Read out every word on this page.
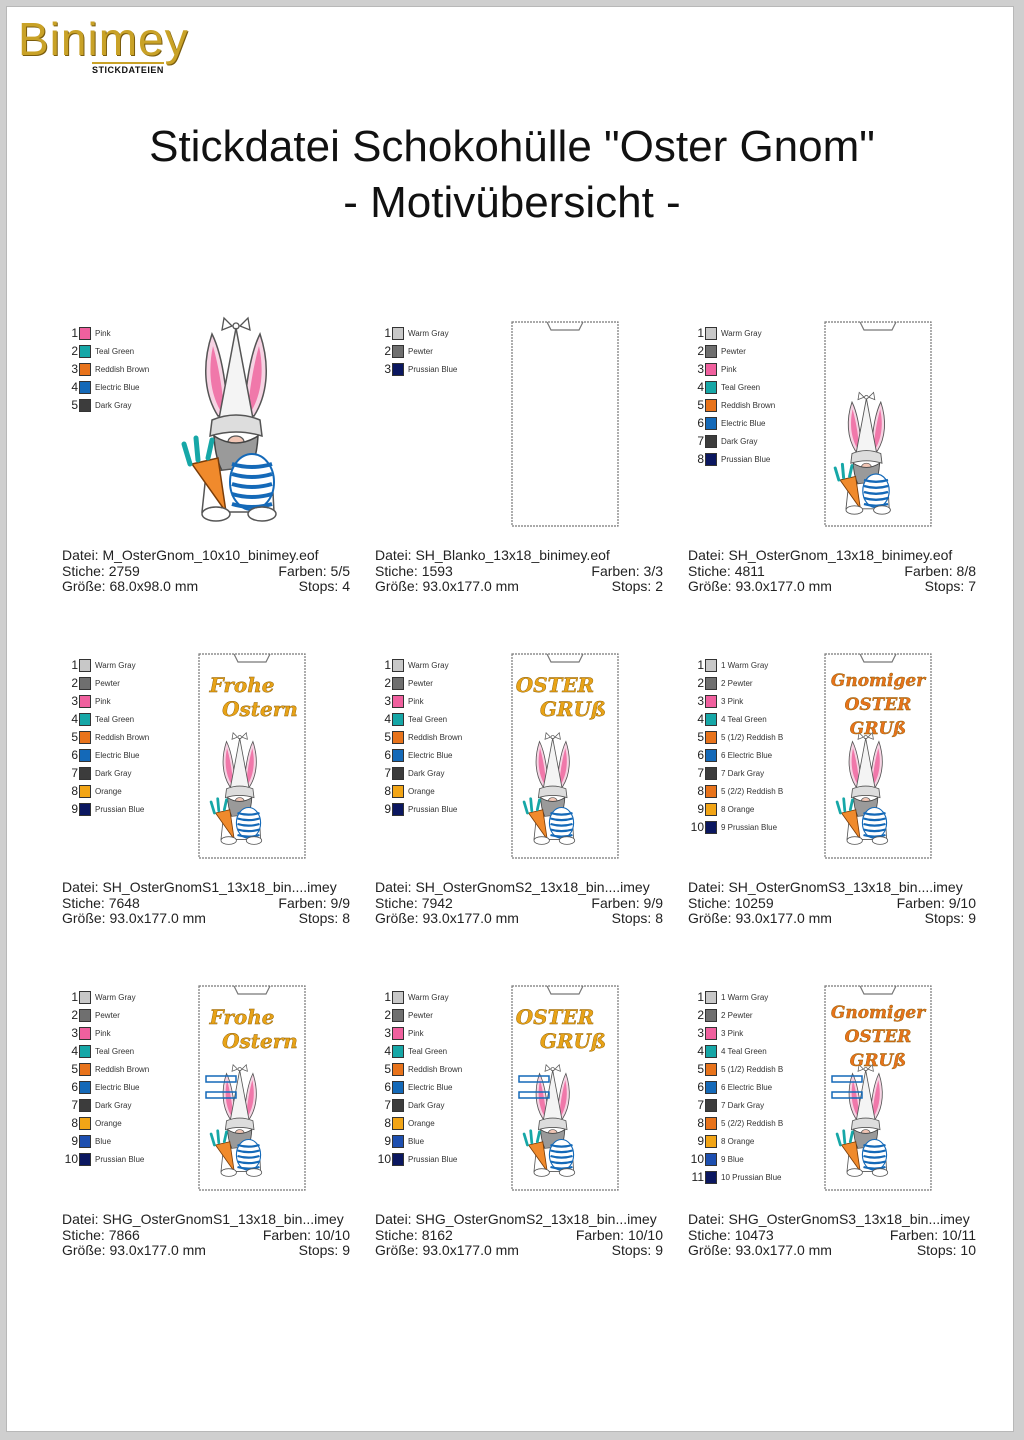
Binimey
STICKDATEIEN
Stickdatei Schokohülle "Oster Gnom"
- Motivübersicht -
1 Pink
2 Teal Green
3 Reddish Brown
4 Electric Blue
5 Dark Gray
Datei: M_OsterGnom_10x10_binimey.eof
Stiche: 2759	Farben: 5/5
Größe: 68.0x98.0 mm	Stops: 4
1 Warm Gray
2 Pewter
3 Prussian Blue
Datei: SH_Blanko_13x18_binimey.eof
Stiche: 1593	Farben: 3/3
Größe: 93.0x177.0 mm	Stops: 2
1 Warm Gray
2 Pewter
3 Pink
4 Teal Green
5 Reddish Brown
6 Electric Blue
7 Dark Gray
8 Prussian Blue
Datei: SH_OsterGnom_13x18_binimey.eof
Stiche: 4811	Farben: 8/8
Größe: 93.0x177.0 mm	Stops: 7
1 Warm Gray
2 Pewter
3 Pink
4 Teal Green
5 Reddish Brown
6 Electric Blue
7 Dark Gray
8 Orange
9 Prussian Blue
Frohe Ostern
Datei: SH_OsterGnomS1_13x18_bin....imey
Stiche: 7648	Farben: 9/9
Größe: 93.0x177.0 mm	Stops: 8
1 Warm Gray
2 Pewter
3 Pink
4 Teal Green
5 Reddish Brown
6 Electric Blue
7 Dark Gray
8 Orange
9 Prussian Blue
OSTER GRUß
Datei: SH_OsterGnomS2_13x18_bin....imey
Stiche: 7942	Farben: 9/9
Größe: 93.0x177.0 mm	Stops: 8
1 1 Warm Gray
2 2 Pewter
3 3 Pink
4 4 Teal Green
5 5 (1/2) Reddish B
6 6 Electric Blue
7 7 Dark Gray
8 5 (2/2) Reddish B
9 8 Orange
10 9 Prussian Blue
Gnomiger OSTER GRUß
Datei: SH_OsterGnomS3_13x18_bin....imey
Stiche: 10259	Farben: 9/10
Größe: 93.0x177.0 mm	Stops: 9
1 Warm Gray
2 Pewter
3 Pink
4 Teal Green
5 Reddish Brown
6 Electric Blue
7 Dark Gray
8 Orange
9 Blue
10 Prussian Blue
Frohe Ostern
Datei: SHG_OsterGnomS1_13x18_bin...imey
Stiche: 7866	Farben: 10/10
Größe: 93.0x177.0 mm	Stops: 9
1 Warm Gray
2 Pewter
3 Pink
4 Teal Green
5 Reddish Brown
6 Electric Blue
7 Dark Gray
8 Orange
9 Blue
10 Prussian Blue
OSTER GRUß
Datei: SHG_OsterGnomS2_13x18_bin...imey
Stiche: 8162	Farben: 10/10
Größe: 93.0x177.0 mm	Stops: 9
1 1 Warm Gray
2 2 Pewter
3 3 Pink
4 4 Teal Green
5 5 (1/2) Reddish B
6 6 Electric Blue
7 7 Dark Gray
8 5 (2/2) Reddish B
9 8 Orange
10 9 Blue
11 10 Prussian Blue
Gnomiger OSTER GRUß
Datei: SHG_OsterGnomS3_13x18_bin...imey
Stiche: 10473	Farben: 10/11
Größe: 93.0x177.0 mm	Stops: 10
